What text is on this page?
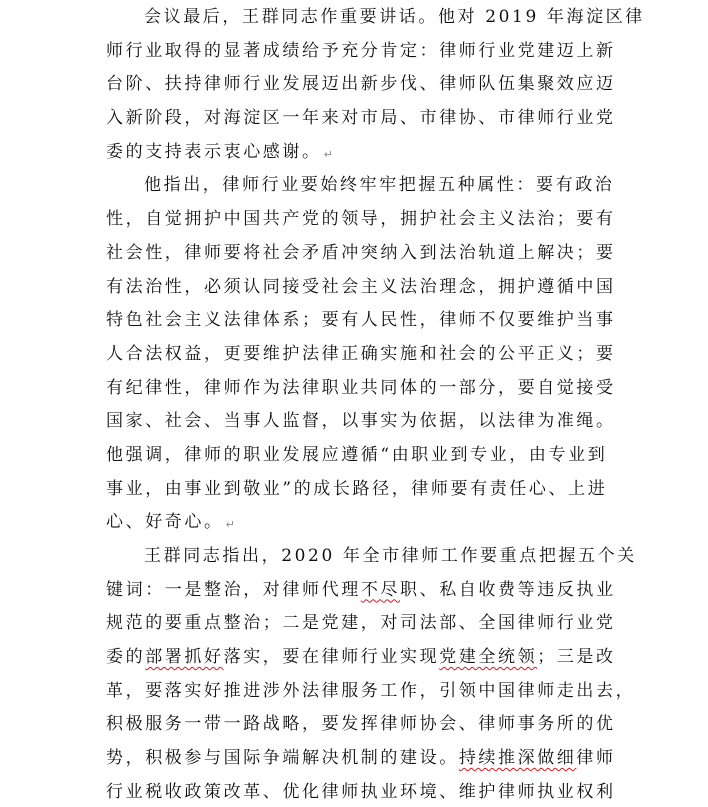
会议最后，王群同志作重要讲话。他对 2019 年海淀区律
师行业取得的显著成绩给予充分肯定：律师行业党建迈上新
台阶、扶持律师行业发展迈出新步伐、律师队伍集聚效应迈
入新阶段，对海淀区一年来对市局、市律协、市律师行业党
委的支持表示衷心感谢。 ↵
他指出，律师行业要始终牢牢把握五种属性：要有政治
性，自觉拥护中国共产党的领导，拥护社会主义法治；要有
社会性，律师要将社会矛盾冲突纳入到法治轨道上解决；要
有法治性，必须认同接受社会主义法治理念，拥护遵循中国
特色社会主义法律体系；要有人民性，律师不仅要维护当事
人合法权益，更要维护法律正确实施和社会的公平正义；要
有纪律性，律师作为法律职业共同体的一部分，要自觉接受
国家、社会、当事人监督，以事实为依据，以法律为准绳。
他强调，律师的职业发展应遵循“由职业到专业，由专业到
事业，由事业到敬业”的成长路径，律师要有责任心、上进
心、好奇心。 ↵
王群同志指出，2020 年全市律师工作要重点把握五个关
键词：一是整治，对律师代理不尽职、私自收费等违反执业
规范的要重点整治；二是党建，对司法部、全国律师行业党
委的部署抓好落实，要在律师行业实现党建全统领；三是改
革，要落实好推进涉外法律服务工作，引领中国律师走出去，
积极服务一带一路战略，要发挥律师协会、律师事务所的优
势，积极参与国际争端解决机制的建设。持续推深做细律师
行业税收政策改革、优化律师执业环境、维护律师执业权利
